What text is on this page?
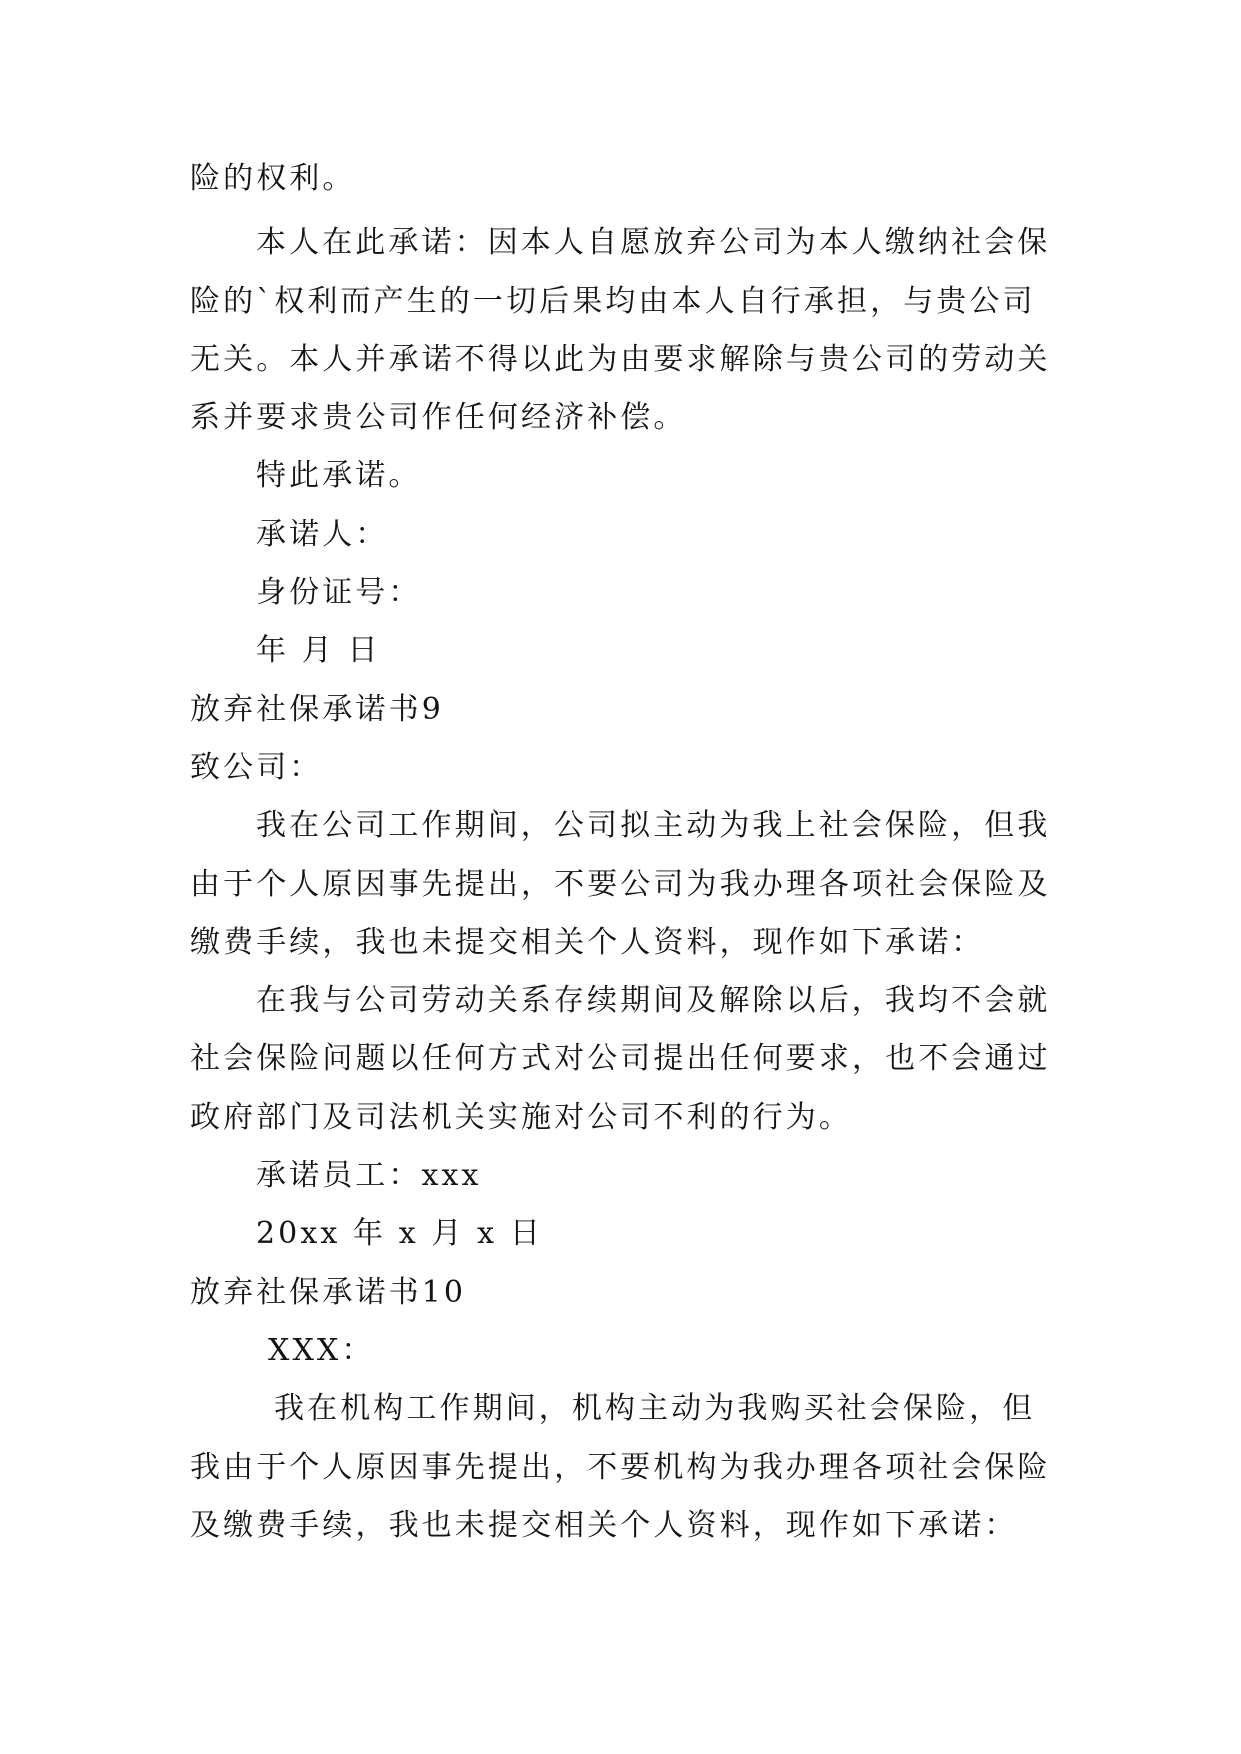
险的权利。
本人在此承诺：因本人自愿放弃公司为本人缴纳社会保
险的`权利而产生的一切后果均由本人自行承担，与贵公司
无关。本人并承诺不得以此为由要求解除与贵公司的劳动关
系并要求贵公司作任何经济补偿。
特此承诺。
承诺人：
身份证号：
年 月 日
放弃社保承诺书9
致公司：
我在公司工作期间，公司拟主动为我上社会保险，但我
由于个人原因事先提出，不要公司为我办理各项社会保险及
缴费手续，我也未提交相关个人资料，现作如下承诺：
在我与公司劳动关系存续期间及解除以后，我均不会就
社会保险问题以任何方式对公司提出任何要求，也不会通过
政府部门及司法机关实施对公司不利的行为。
承诺员工：xxx
20xx 年 x 月 x 日
放弃社保承诺书10
XXX：
我在机构工作期间，机构主动为我购买社会保险，但
我由于个人原因事先提出，不要机构为我办理各项社会保险
及缴费手续，我也未提交相关个人资料，现作如下承诺：
